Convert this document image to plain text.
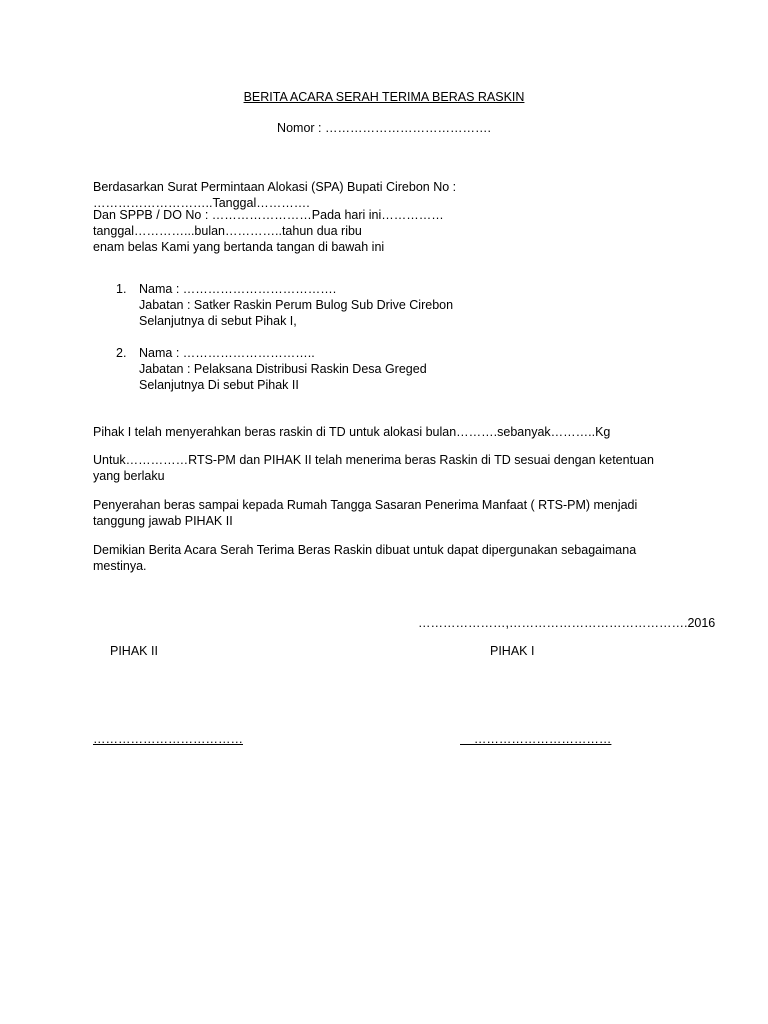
BERITA ACARA SERAH TERIMA BERAS RASKIN
Nomor : ………………………………….
Berdasarkan Surat Permintaan Alokasi (SPA) Bupati Cirebon No : ………………………..Tanggal………….
Dan SPPB / DO No : ……………………Pada hari ini……………tanggal…………...bulan…………..tahun dua ribu
enam belas Kami yang bertanda tangan di bawah ini
1.	Nama : ……………………………….
Jabatan : Satker Raskin Perum Bulog Sub Drive Cirebon
Selanjutnya di sebut Pihak I,
2.	Nama : …………………………..
Jabatan : Pelaksana Distribusi Raskin Desa Greged
Selanjutnya Di sebut Pihak II
Pihak I telah menyerahkan beras raskin di TD untuk alokasi bulan……….sebanyak………..Kg
Untuk……………RTS-PM dan PIHAK II telah menerima beras Raskin di TD sesuai dengan ketentuan
yang berlaku
Penyerahan beras sampai kepada Rumah Tangga Sasaran Penerima Manfaat ( RTS-PM) menjadi
tanggung jawab PIHAK II
Demikian Berita Acara Serah Terima Beras Raskin dibuat untuk dapat dipergunakan sebagaimana
mestinya.
…………………,…………………………………….2016
PIHAK II	PIHAK I
………………………………	……………………………
